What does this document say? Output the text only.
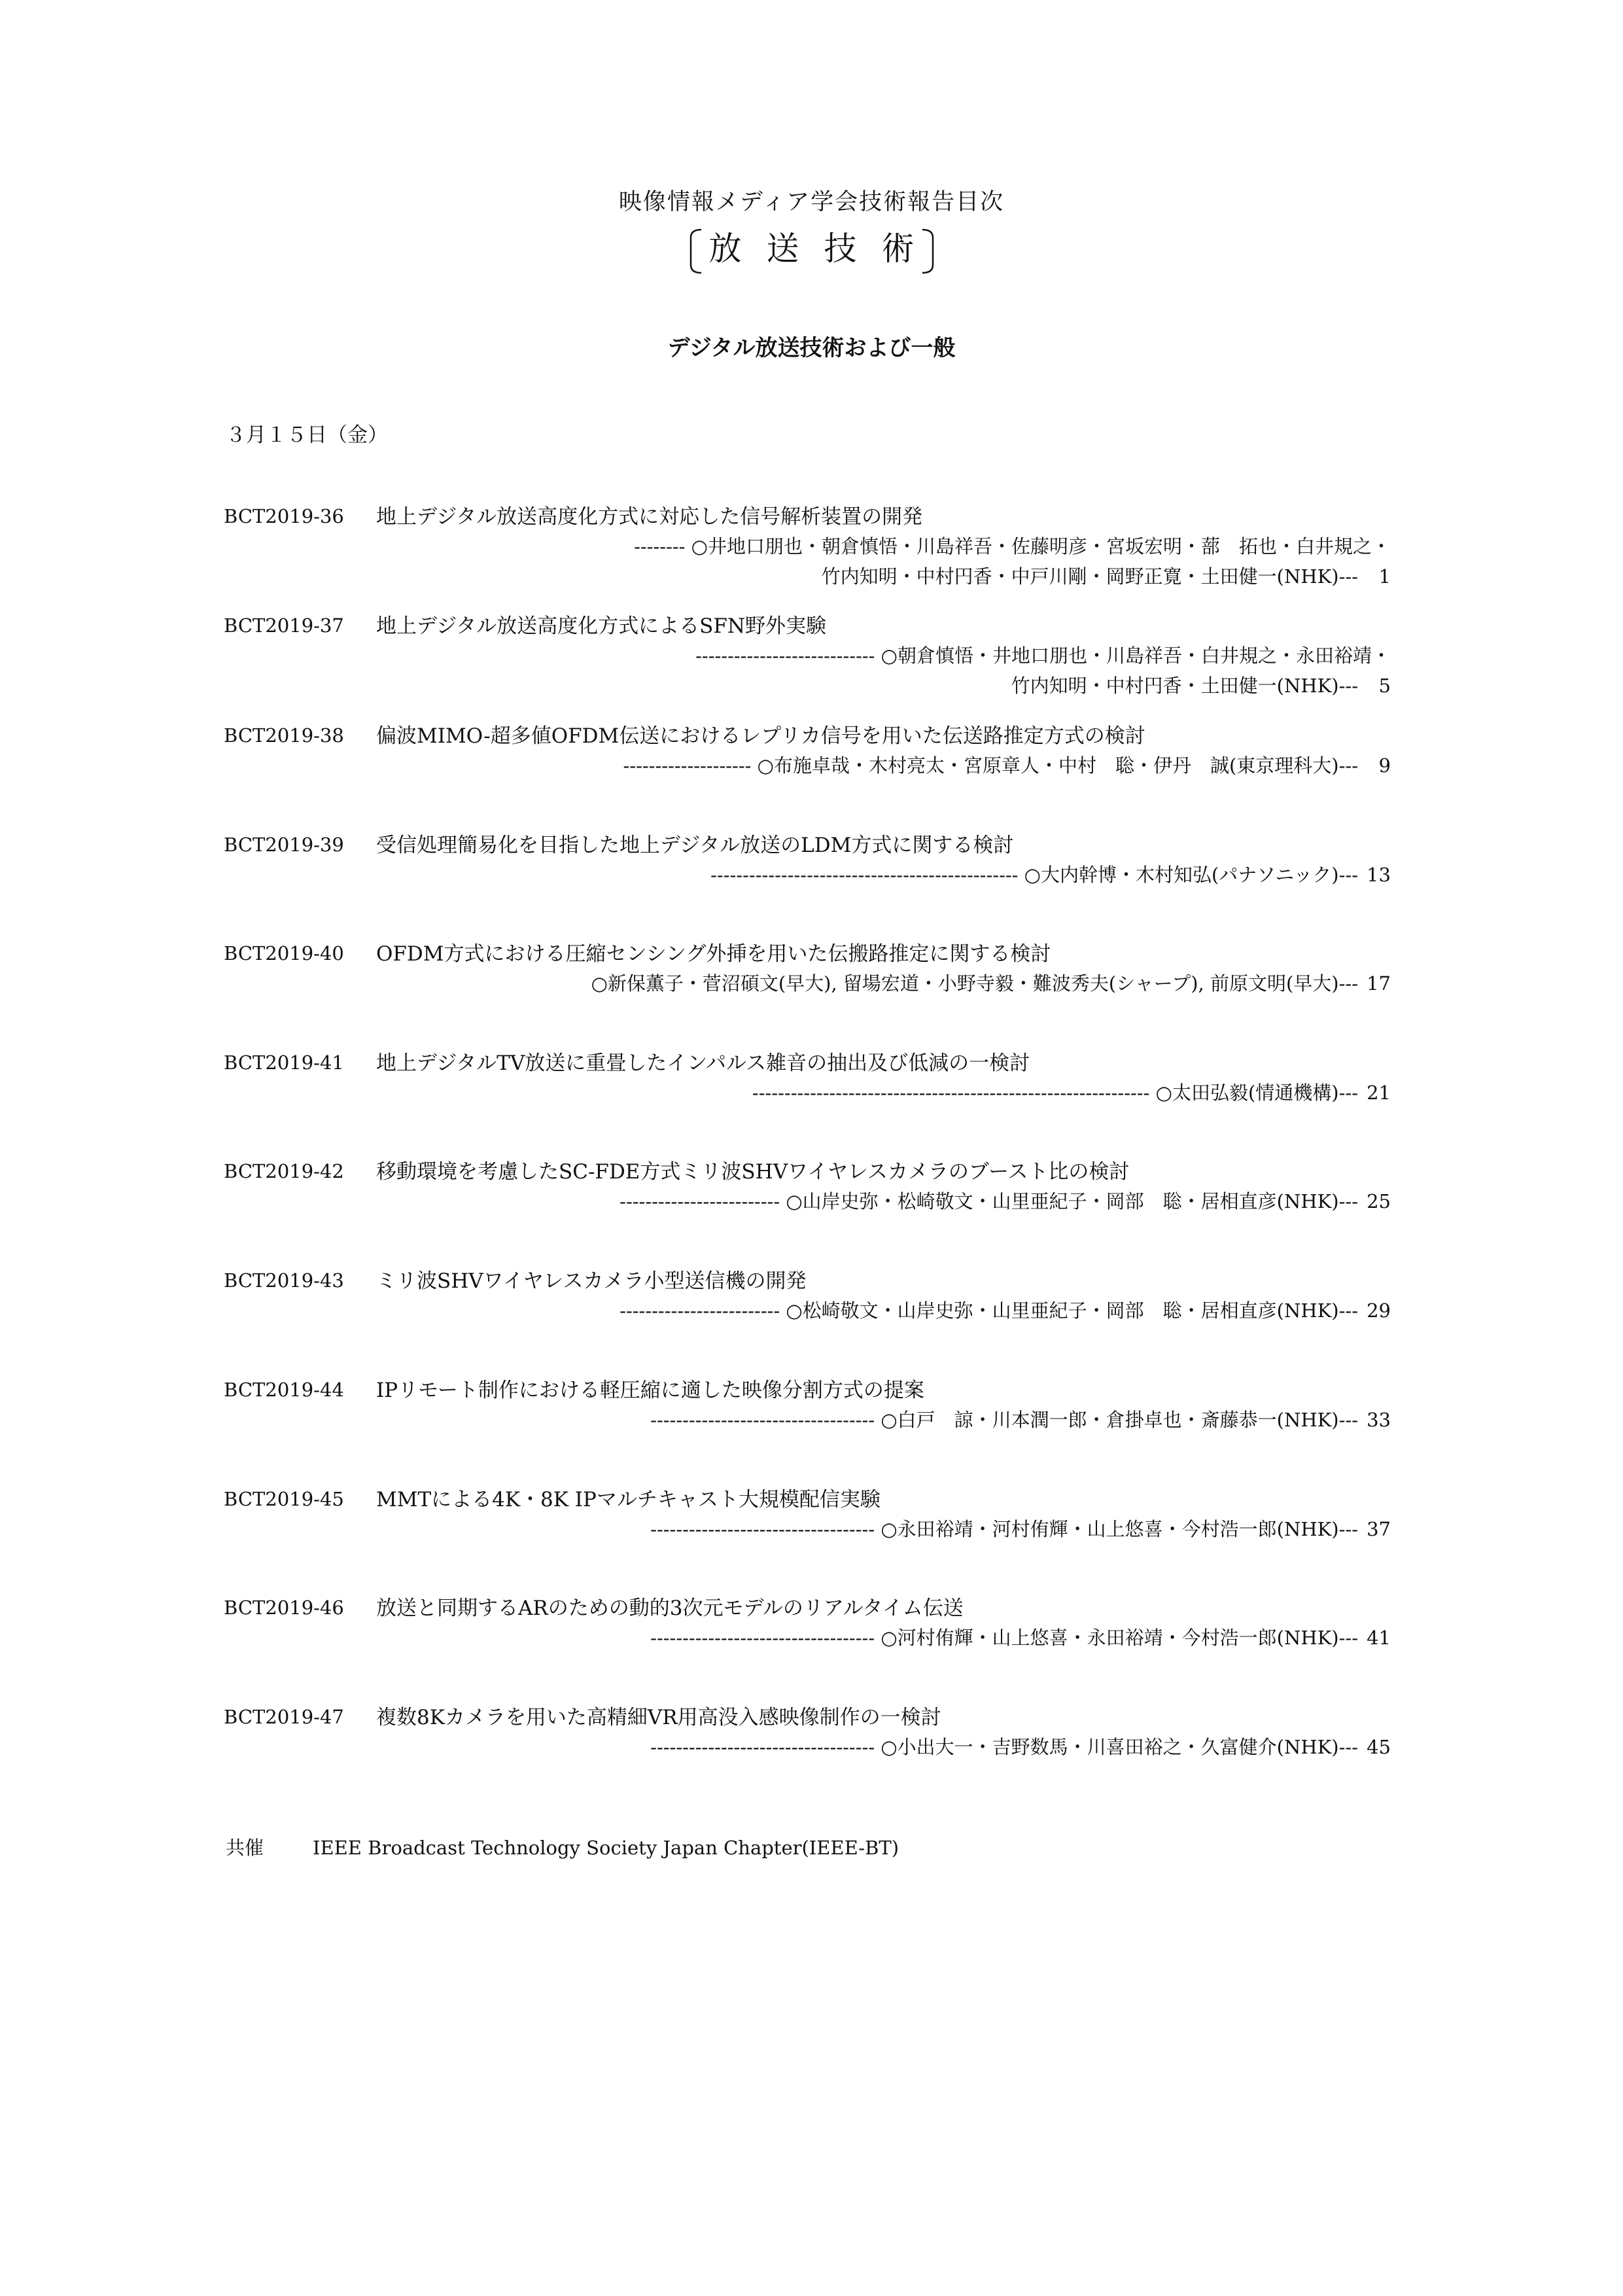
映像情報メディア学会技術報告目次
放送技術
デジタル放送技術および一般
３月１５日（金）
BCT2019-36 地上デジタル放送高度化方式に対応した信号解析装置の開発
-------- ○井地口朋也・朝倉慎悟・川島祥吾・佐藤明彦・宮坂宏明・蔀　拓也・白井規之・
竹内知明・中村円香・中戸川剛・岡野正寛・土田健一(NHK)--- 1
BCT2019-37 地上デジタル放送高度化方式によるSFN野外実験
---------------------------- ○朝倉慎悟・井地口朋也・川島祥吾・白井規之・永田裕靖・
竹内知明・中村円香・土田健一(NHK)--- 5
BCT2019-38 偏波MIMO-超多値OFDM伝送におけるレプリカ信号を用いた伝送路推定方式の検討
-------------------- ○布施卓哉・木村亮太・宮原章人・中村　聡・伊丹　誠(東京理科大)--- 9
BCT2019-39 受信処理簡易化を目指した地上デジタル放送のLDM方式に関する検討
------------------------------------------------ ○大内幹博・木村知弘(パナソニック)--- 13
BCT2019-40 OFDM方式における圧縮センシング外挿を用いた伝搬路推定に関する検討
○新保薫子・菅沼碩文(早大), 留場宏道・小野寺毅・難波秀夫(シャープ), 前原文明(早大)--- 17
BCT2019-41 地上デジタルTV放送に重畳したインパルス雑音の抽出及び低減の一検討
-------------------------------------------------------------- ○太田弘毅(情通機構)--- 21
BCT2019-42 移動環境を考慮したSC-FDE方式ミリ波SHVワイヤレスカメラのブースト比の検討
------------------------- ○山岸史弥・松崎敬文・山里亜紀子・岡部　聡・居相直彦(NHK)--- 25
BCT2019-43 ミリ波SHVワイヤレスカメラ小型送信機の開発
------------------------- ○松崎敬文・山岸史弥・山里亜紀子・岡部　聡・居相直彦(NHK)--- 29
BCT2019-44 IPリモート制作における軽圧縮に適した映像分割方式の提案
----------------------------------- ○白戸　諒・川本潤一郎・倉掛卓也・斎藤恭一(NHK)--- 33
BCT2019-45 MMTによる4K・8K IPマルチキャスト大規模配信実験
----------------------------------- ○永田裕靖・河村侑輝・山上悠喜・今村浩一郎(NHK)--- 37
BCT2019-46 放送と同期するARのための動的3次元モデルのリアルタイム伝送
----------------------------------- ○河村侑輝・山上悠喜・永田裕靖・今村浩一郎(NHK)--- 41
BCT2019-47 複数8Kカメラを用いた高精細VR用高没入感映像制作の一検討
----------------------------------- ○小出大一・吉野数馬・川喜田裕之・久富健介(NHK)--- 45
共催	IEEE Broadcast Technology Society Japan Chapter(IEEE-BT)
